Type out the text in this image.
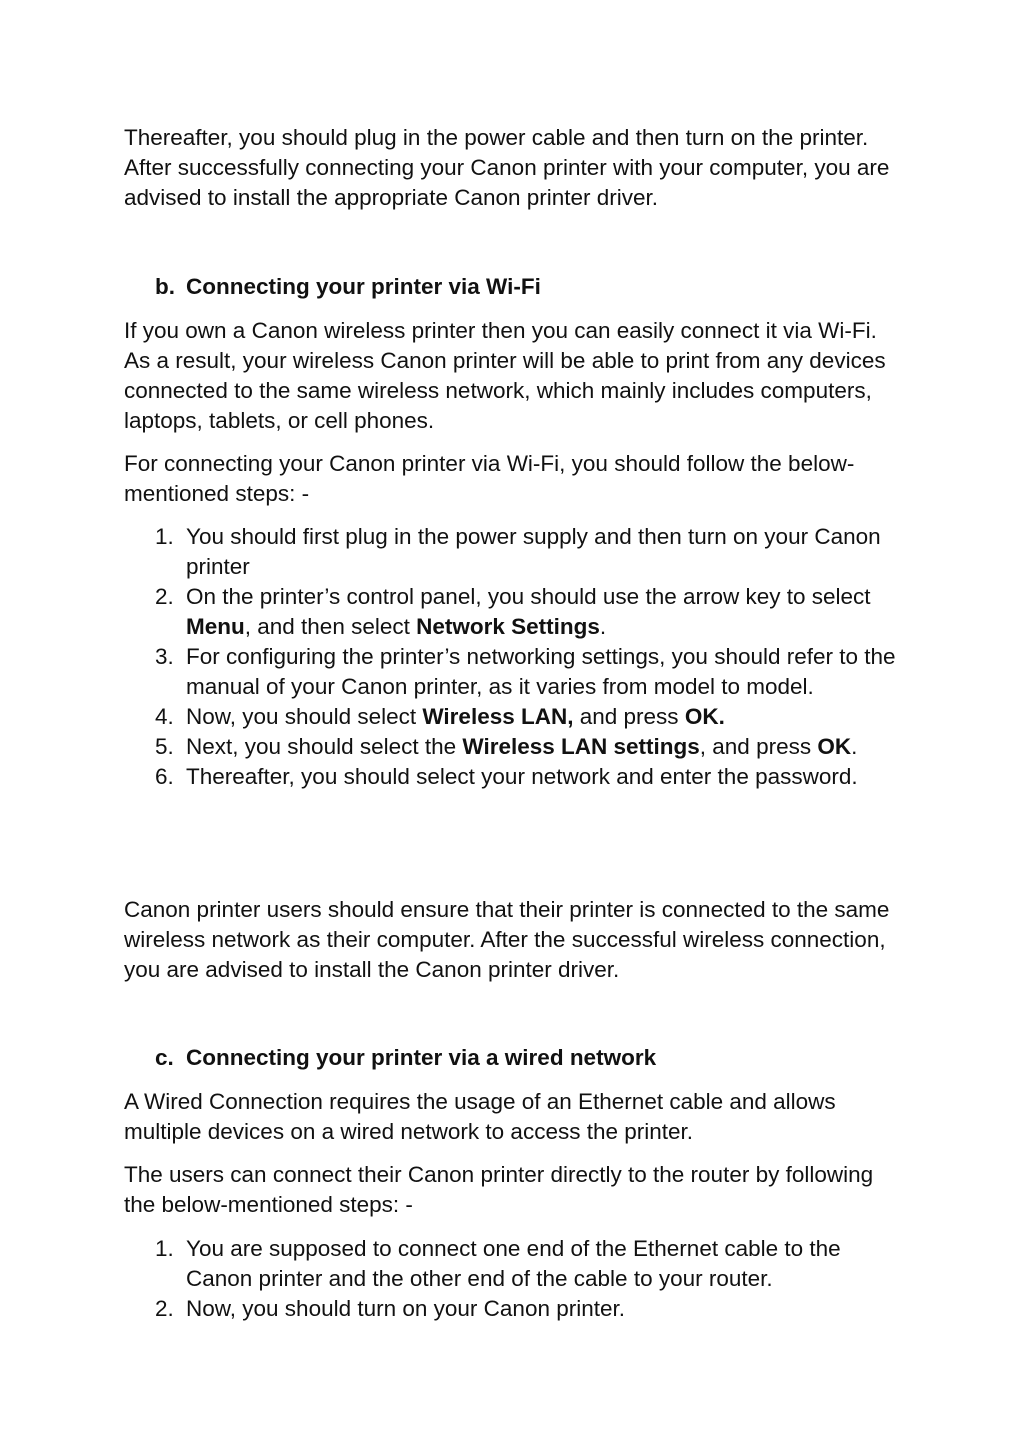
Thereafter, you should plug in the power cable and then turn on the printer. After successfully connecting your Canon printer with your computer, you are advised to install the appropriate Canon printer driver.

b. Connecting your printer via Wi-Fi

If you own a Canon wireless printer then you can easily connect it via Wi-Fi. As a result, your wireless Canon printer will be able to print from any devices connected to the same wireless network, which mainly includes computers, laptops, tablets, or cell phones.

For connecting your Canon printer via Wi-Fi, you should follow the below-mentioned steps: -

1. You should first plug in the power supply and then turn on your Canon printer
2. On the printer’s control panel, you should use the arrow key to select Menu, and then select Network Settings.
3. For configuring the printer’s networking settings, you should refer to the manual of your Canon printer, as it varies from model to model.
4. Now, you should select Wireless LAN, and press OK.
5. Next, you should select the Wireless LAN settings, and press OK.
6. Thereafter, you should select your network and enter the password.

Canon printer users should ensure that their printer is connected to the same wireless network as their computer. After the successful wireless connection, you are advised to install the Canon printer driver.

c. Connecting your printer via a wired network

A Wired Connection requires the usage of an Ethernet cable and allows multiple devices on a wired network to access the printer.

The users can connect their Canon printer directly to the router by following the below-mentioned steps: -

1. You are supposed to connect one end of the Ethernet cable to the Canon printer and the other end of the cable to your router.
2. Now, you should turn on your Canon printer.
